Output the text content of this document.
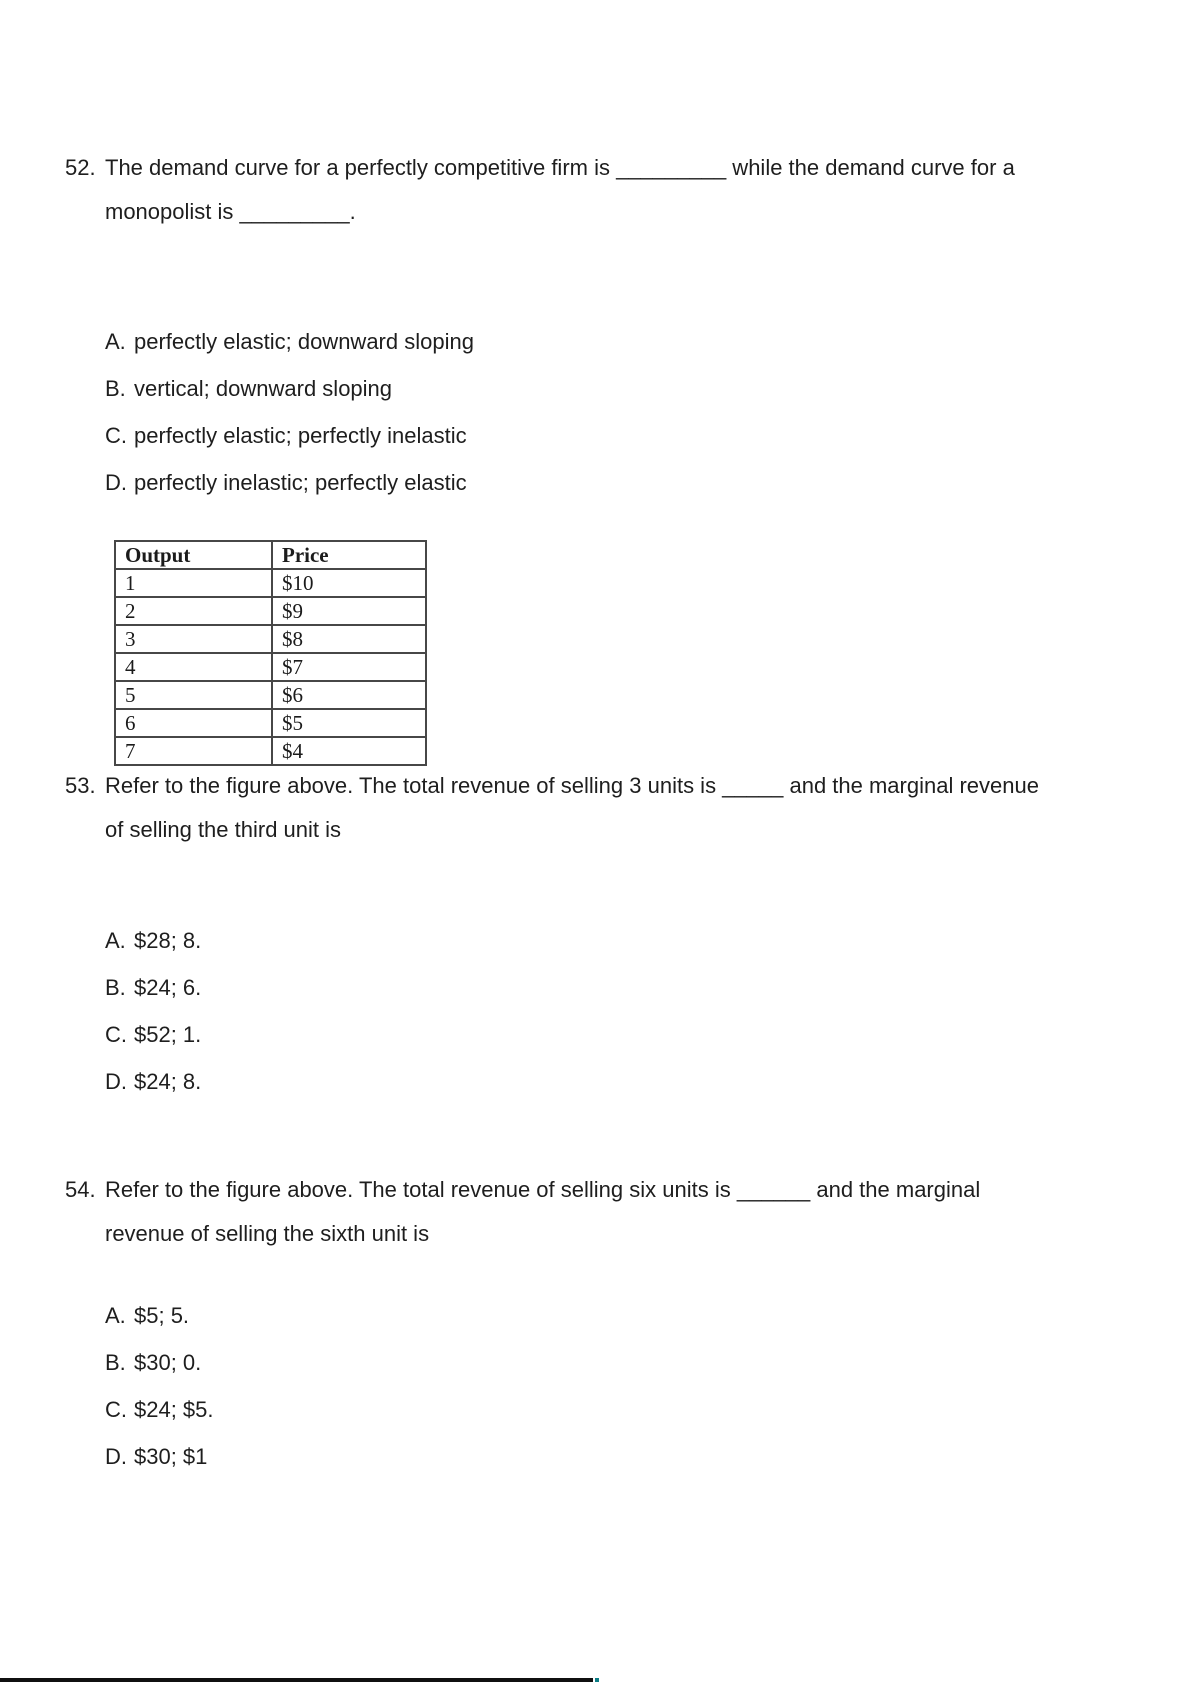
52. The demand curve for a perfectly competitive firm is _________ while the demand curve for a
monopolist is _________.
A. perfectly elastic; downward sloping
B. vertical; downward sloping
C. perfectly elastic; perfectly inelastic
D. perfectly inelastic; perfectly elastic
Output	Price
1	$10
2	$9
3	$8
4	$7
5	$6
6	$5
7	$4
53. Refer to the figure above. The total revenue of selling 3 units is _____ and the marginal revenue
of selling the third unit is
A. $28; 8.
B. $24; 6.
C. $52; 1.
D. $24; 8.
54. Refer to the figure above. The total revenue of selling six units is ______ and the marginal
revenue of selling the sixth unit is
A. $5; 5.
B. $30; 0.
C. $24; $5.
D. $30; $1
